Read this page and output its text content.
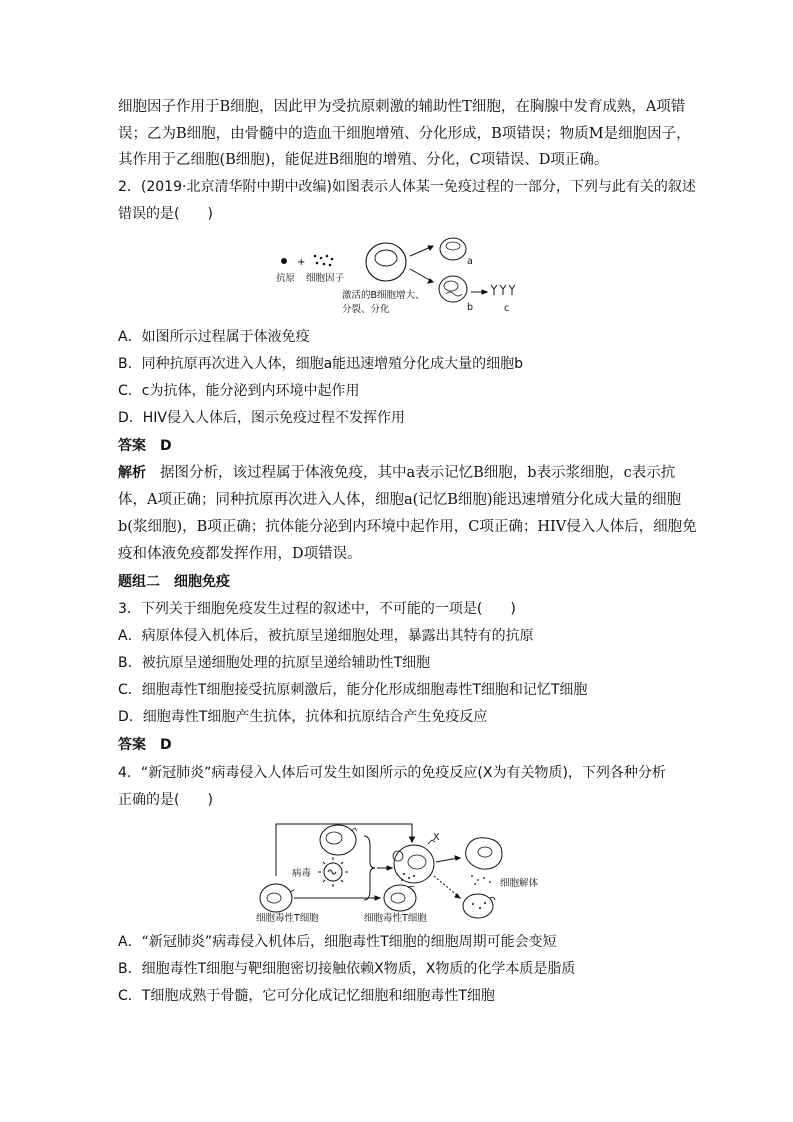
细胞因子作用于B细胞，因此甲为受抗原刺激的辅助性T细胞，在胸腺中发育成熟，A项错
误；乙为B细胞，由骨髓中的造血干细胞增殖、分化形成，B项错误；物质M是细胞因子，
其作用于乙细胞(B细胞)，能促进B细胞的增殖、分化，C项错误、D项正确。
2．(2019·北京清华附中期中改编)如图表示人体某一免疫过程的一部分，下列与此有关的叙述
错误的是(　　)
+
抗原 细胞因子
激活的B细胞增大、
分裂、分化
a
b	c
A．如图所示过程属于体液免疫
B．同种抗原再次进入人体，细胞a能迅速增殖分化成大量的细胞b
C．c为抗体，能分泌到内环境中起作用
D．HIV侵入人体后，图示免疫过程不发挥作用
答案 D
解析 据图分析，该过程属于体液免疫，其中a表示记忆B细胞，b表示浆细胞，c表示抗
体，A项正确；同种抗原再次进入人体，细胞a(记忆B细胞)能迅速增殖分化成大量的细胞
b(浆细胞)，B项正确；抗体能分泌到内环境中起作用，C项正确；HIV侵入人体后，细胞免
疫和体液免疫都发挥作用，D项错误。
题组二　细胞免疫
3．下列关于细胞免疫发生过程的叙述中，不可能的一项是(　　)
A．病原体侵入机体后，被抗原呈递细胞处理，暴露出其特有的抗原
B．被抗原呈递细胞处理的抗原呈递给辅助性T细胞
C．细胞毒性T细胞接受抗原刺激后，能分化形成细胞毒性T细胞和记忆T细胞
D．细胞毒性T细胞产生抗体，抗体和抗原结合产生免疫反应
答案 D
4．“新冠肺炎”病毒侵入人体后可发生如图所示的免疫反应(X为有关物质)，下列各种分析
正确的是(　　)
病毒
X
细胞解体
细胞毒性T细胞	细胞毒性T细胞
A．“新冠肺炎”病毒侵入机体后，细胞毒性T细胞的细胞周期可能会变短
B．细胞毒性T细胞与靶细胞密切接触依赖X物质，X物质的化学本质是脂质
C．T细胞成熟于骨髓，它可分化成记忆细胞和细胞毒性T细胞
